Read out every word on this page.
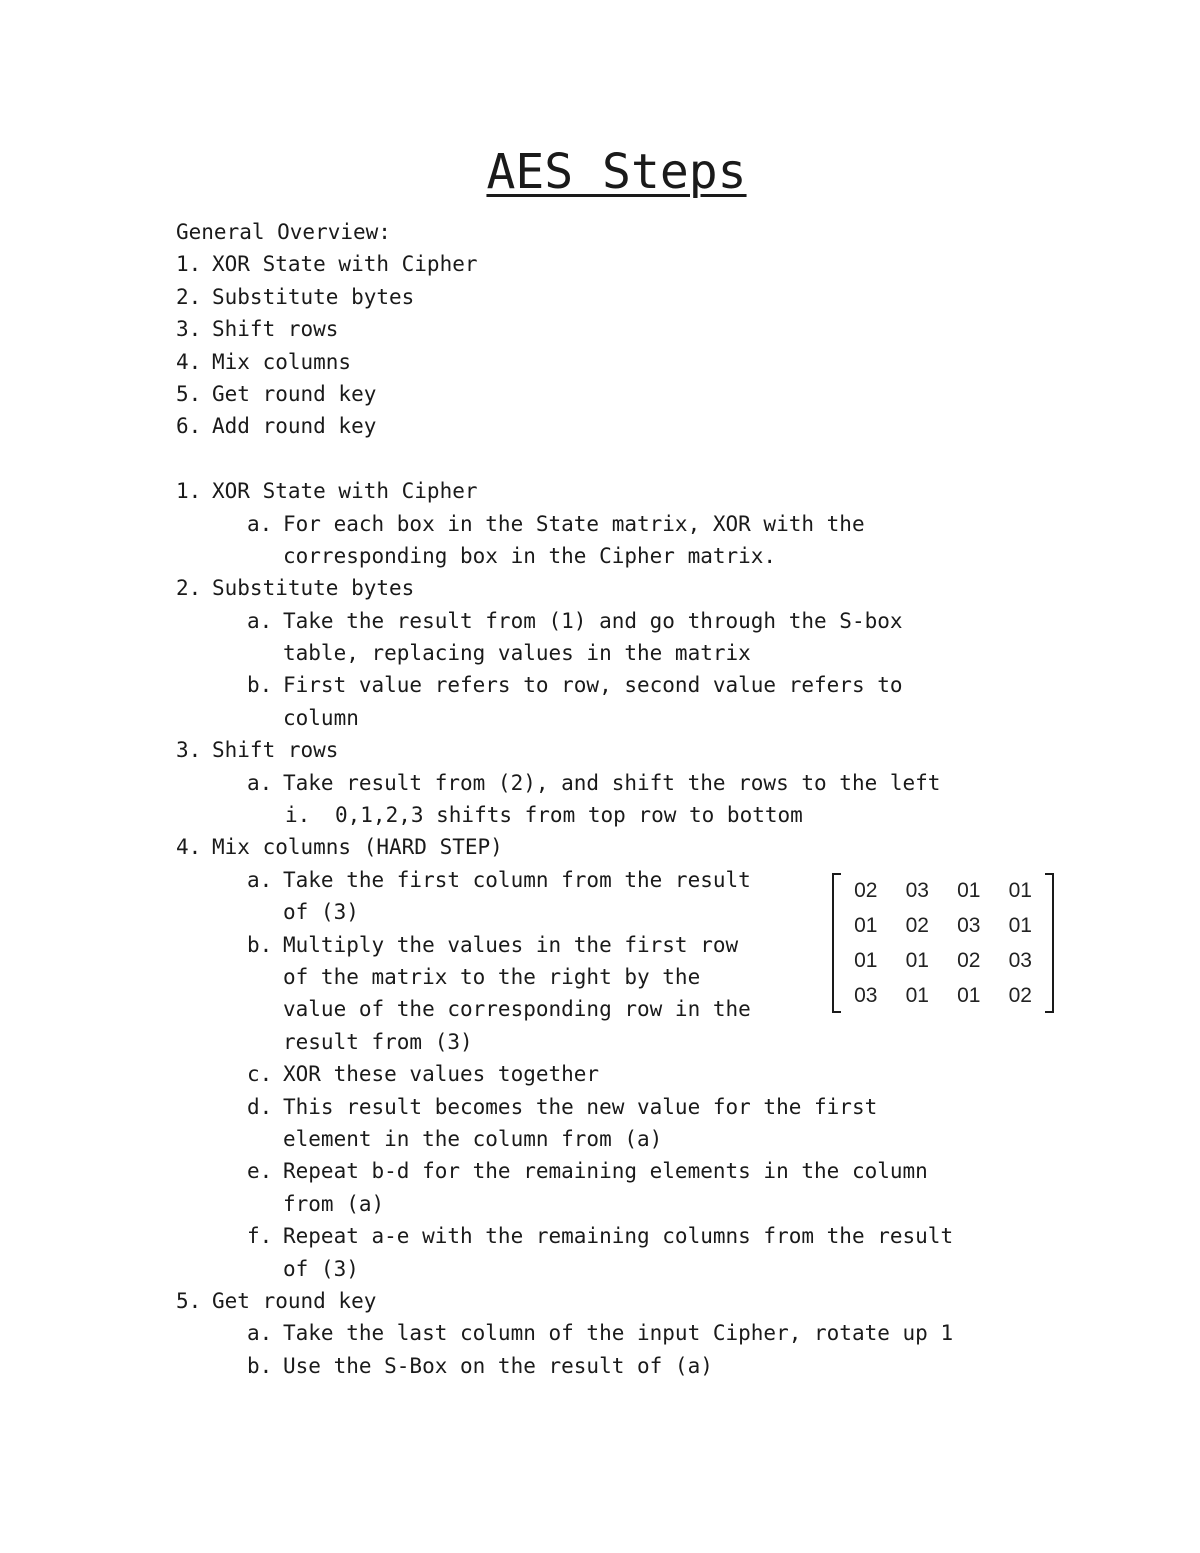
AES Steps
General Overview:
1. XOR State with Cipher
2. Substitute bytes
3. Shift rows
4. Mix columns
5. Get round key
6. Add round key
1. XOR State with Cipher
a. For each box in the State matrix, XOR with the
corresponding box in the Cipher matrix.
2. Substitute bytes
a. Take the result from (1) and go through the S-box
table, replacing values in the matrix
b. First value refers to row, second value refers to
column
3. Shift rows
a. Take result from (2), and shift the rows to the left
i.	0,1,2,3 shifts from top row to bottom
4. Mix columns (HARD STEP)
a. Take the first column from the result
of (3)
b. Multiply the values in the first row
of the matrix to the right by the
value of the corresponding row in the
result from (3)
c. XOR these values together
d. This result becomes the new value for the first
element in the column from (a)
e. Repeat b-d for the remaining elements in the column
from (a)
f. Repeat a-e with the remaining columns from the result
of (3)
5. Get round key
a. Take the last column of the input Cipher, rotate up 1
b. Use the S-Box on the result of (a)
02 03 01 01
01 02 03 01
01 01 02 03
03 01 01 02
